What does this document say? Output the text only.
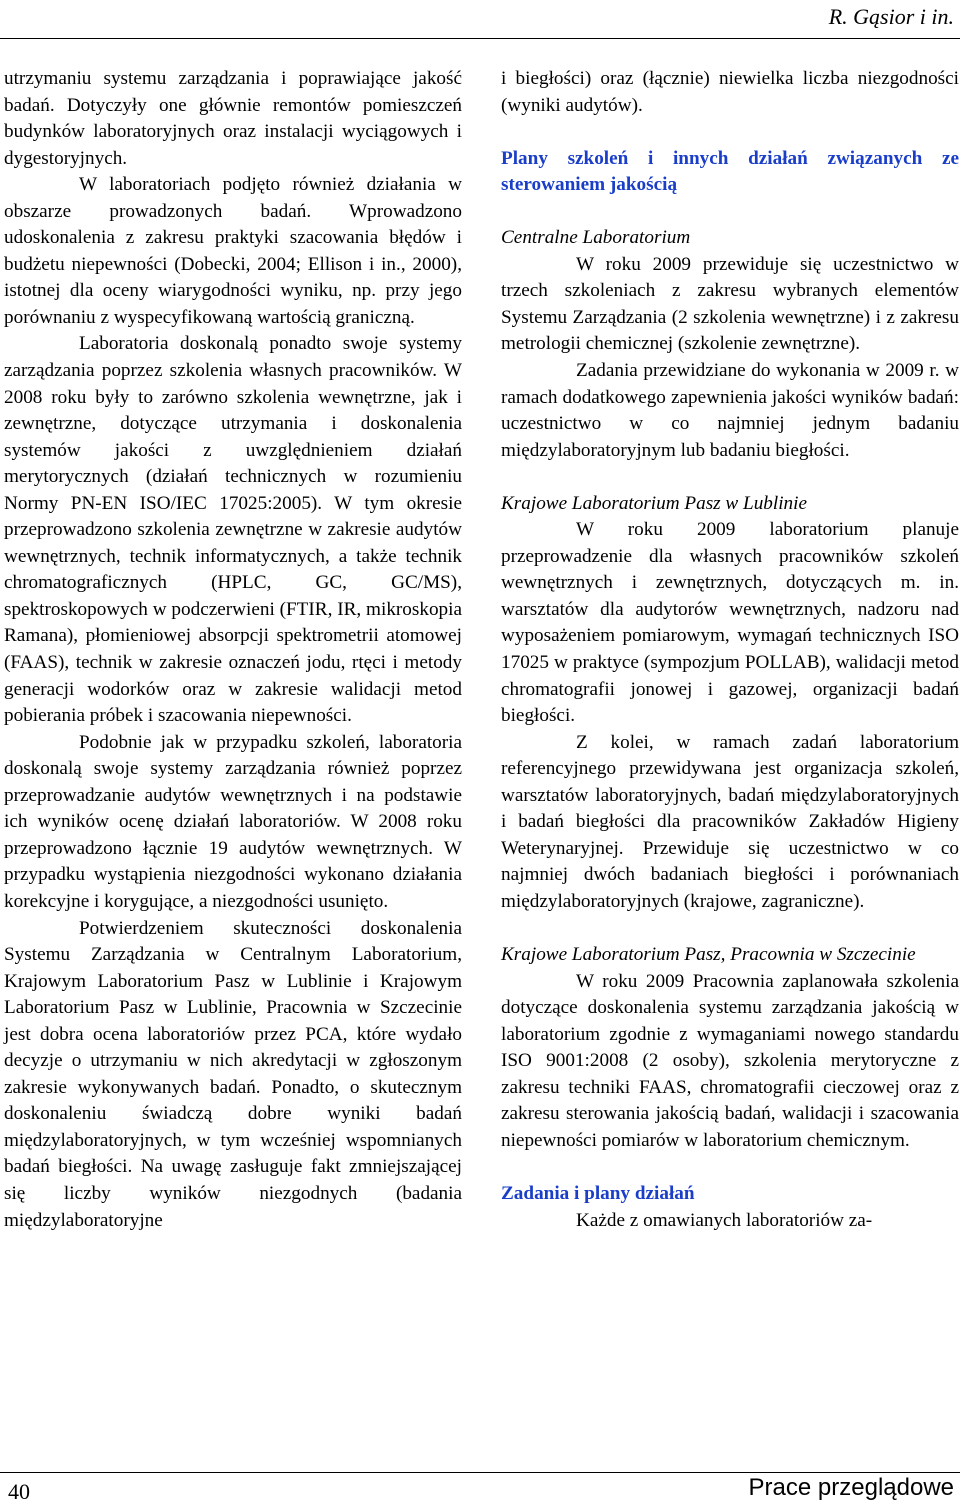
R. Gąsior i in.

utrzymaniu systemu zarządzania i poprawiające jakość badań. Dotyczyły one głównie remontów pomieszczeń budynków laboratoryjnych oraz instalacji wyciągowych i dygestoryjnych.

W laboratoriach podjęto również działania w obszarze prowadzonych badań. Wprowadzono udoskonalenia z zakresu praktyki szacowania błędów i budżetu niepewności (Dobecki, 2004; Ellison i in., 2000), istotnej dla oceny wiarygodności wyniku, np. przy jego porównaniu z wyspecyfikowaną wartością graniczną.

Laboratoria doskonalą ponadto swoje systemy zarządzania poprzez szkolenia własnych pracowników. W 2008 roku były to zarówno szkolenia wewnętrzne, jak i zewnętrzne, dotyczące utrzymania i doskonalenia systemów jakości z uwzględnieniem działań merytorycznych (działań technicznych w rozumieniu Normy PN-EN ISO/IEC 17025:2005). W tym okresie przeprowadzono szkolenia zewnętrzne w zakresie audytów wewnętrznych, technik informatycznych, a także technik chromatograficznych (HPLC, GC, GC/MS), spektroskopowych w podczerwieni (FTIR, IR, mikroskopia Ramana), płomieniowej absorpcji spektrometrii atomowej (FAAS), technik w zakresie oznaczeń jodu, rtęci i metody generacji wodorków oraz w zakresie walidacji metod pobierania próbek i szacowania niepewności.

Podobnie jak w przypadku szkoleń, laboratoria doskonalą swoje systemy zarządzania również poprzez przeprowadzanie audytów wewnętrznych i na podstawie ich wyników ocenę działań laboratoriów. W 2008 roku przeprowadzono łącznie 19 audytów wewnętrznych. W przypadku wystąpienia niezgodności wykonano działania korekcyjne i korygujące, a niezgodności usunięto.

Potwierdzeniem skuteczności doskonalenia Systemu Zarządzania w Centralnym Laboratorium, Krajowym Laboratorium Pasz w Lublinie i Krajowym Laboratorium Pasz w Lublinie, Pracownia w Szczecinie jest dobra ocena laboratoriów przez PCA, które wydało decyzje o utrzymaniu w nich akredytacji w zgłoszonym zakresie wykonywanych badań. Ponadto, o skutecznym doskonaleniu świadczą dobre wyniki badań międzylaboratoryjnych, w tym wcześniej wspomnianych badań biegłości. Na uwagę zasługuje fakt zmniejszającej się liczby wyników niezgodnych (badania międzylaboratoryjne

i biegłości) oraz (łącznie) niewielka liczba niezgodności (wyniki audytów).

Plany szkoleń i innych działań związanych ze sterowaniem jakością

Centralne Laboratorium

W roku 2009 przewiduje się uczestnictwo w trzech szkoleniach z zakresu wybranych elementów Systemu Zarządzania (2 szkolenia wewnętrzne) i z zakresu metrologii chemicznej (szkolenie zewnętrzne).

Zadania przewidziane do wykonania w 2009 r. w ramach dodatkowego zapewnienia jakości wyników badań: uczestnictwo w co najmniej jednym badaniu międzylaboratoryjnym lub badaniu biegłości.

Krajowe Laboratorium Pasz w Lublinie

W roku 2009 laboratorium planuje przeprowadzenie dla własnych pracowników szkoleń wewnętrznych i zewnętrznych, dotyczących m. in. warsztatów dla audytorów wewnętrznych, nadzoru nad wyposażeniem pomiarowym, wymagań technicznych ISO 17025 w praktyce (sympozjum POLLAB), walidacji metod chromatografii jonowej i gazowej, organizacji badań biegłości.

Z kolei, w ramach zadań laboratorium referencyjnego przewidywana jest organizacja szkoleń, warsztatów laboratoryjnych, badań międzylaboratoryjnych i badań biegłości dla pracowników Zakładów Higieny Weterynaryjnej. Przewiduje się uczestnictwo w co najmniej dwóch badaniach biegłości i porównaniach międzylaboratoryjnych (krajowe, zagraniczne).

Krajowe Laboratorium Pasz, Pracownia w Szczecinie

W roku 2009 Pracownia zaplanowała szkolenia dotyczące doskonalenia systemu zarządzania jakością w laboratorium zgodnie z wymaganiami nowego standardu ISO 9001:2008 (2 osoby), szkolenia merytoryczne z zakresu techniki FAAS, chromatografii cieczowej oraz z zakresu sterowania jakością badań, walidacji i szacowania niepewności pomiarów w laboratorium chemicznym.

Zadania i plany działań

Każde z omawianych laboratoriów za-

40	Prace przeglądowe
